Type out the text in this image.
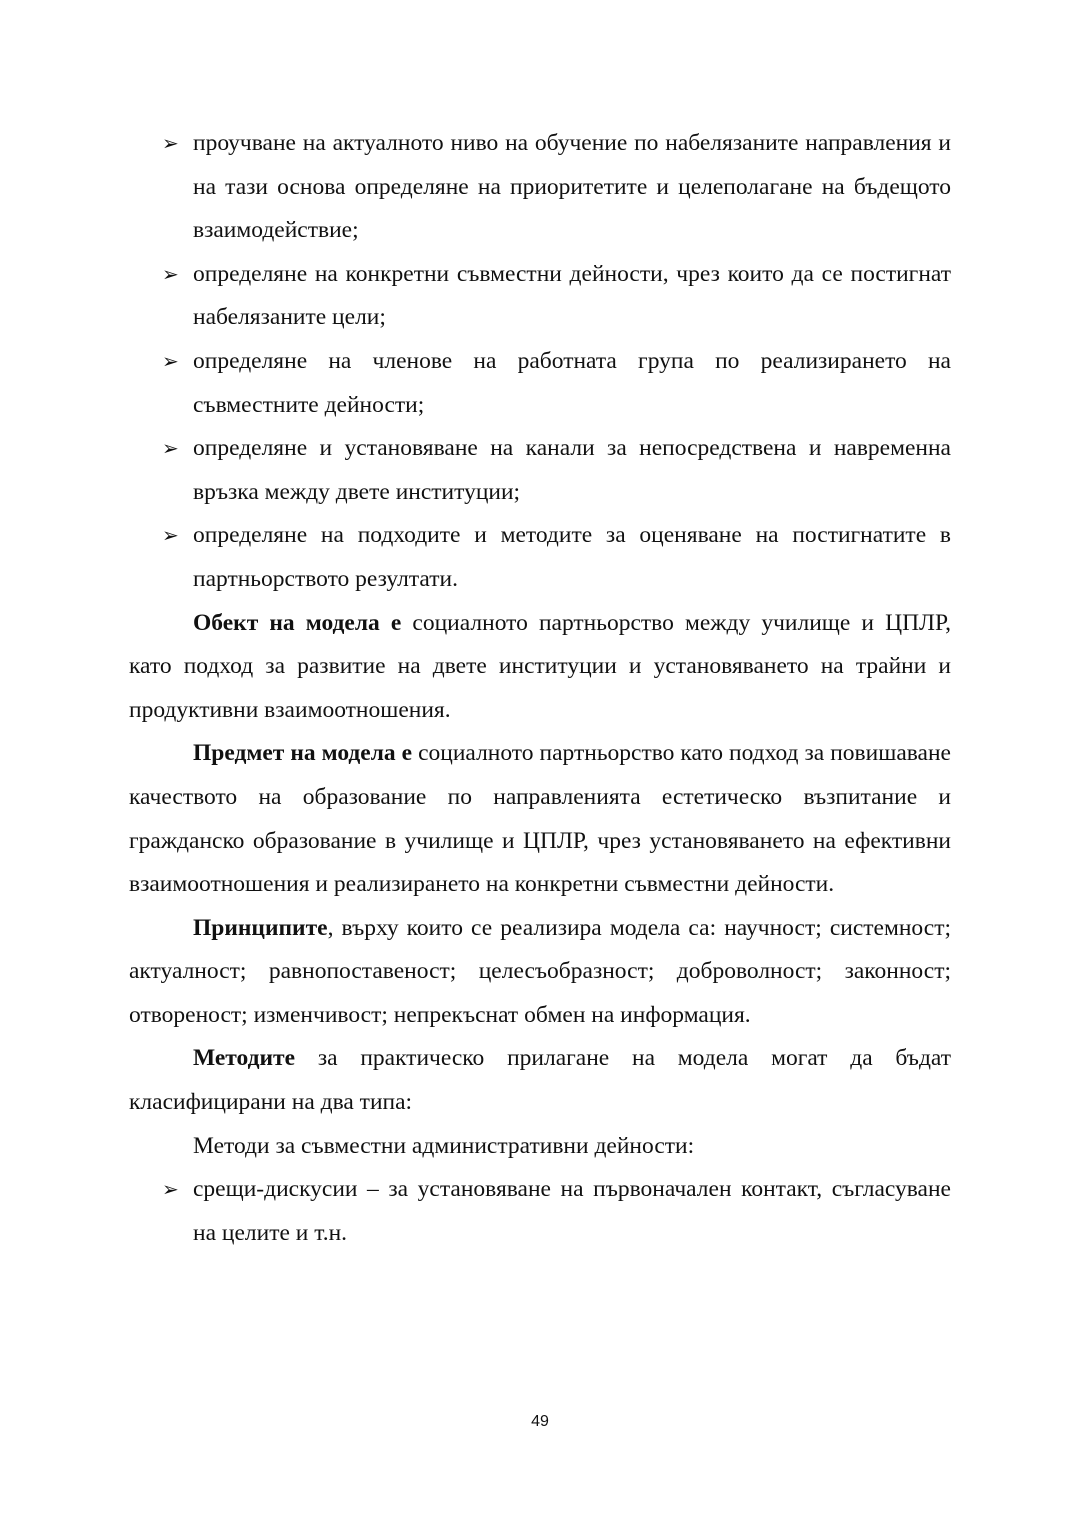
➢ проучване на актуалното ниво на обучение по набелязаните направления и на тази основа определяне на приоритетите и целеполагане на бъдещото взаимодействие;
➢ определяне на конкретни съвместни дейности, чрез които да се постигнат набелязаните цели;
➢ определяне на членове на работната група по реализирането на съвместните дейности;
➢ определяне и установяване на канали за непосредствена и навременна връзка между двете институции;
➢ определяне на подходите и методите за оценяване на постигнатите в партньорството резултати.

Обект на модела е социалното партньорство между училище и ЦПЛР, като подход за развитие на двете институции и установяването на трайни и продуктивни взаимоотношения.

Предмет на модела е социалното партньорство като подход за повишаване качеството на образование по направленията естетическо възпитание и гражданско образование в училище и ЦПЛР, чрез установяването на ефективни взаимоотношения и реализирането на конкретни съвместни дейности.

Принципите, върху които се реализира модела са: научност; системност; актуалност; равнопоставеност; целесъобразност; доброволност; законност; отвореност; изменчивост; непрекъснат обмен на информация.

Методите за практическо прилагане на модела могат да бъдат класифицирани на два типа:

Методи за съвместни административни дейности:

➢ срещи-дискусии – за установяване на първоначален контакт, съгласуване на целите и т.н.
49
